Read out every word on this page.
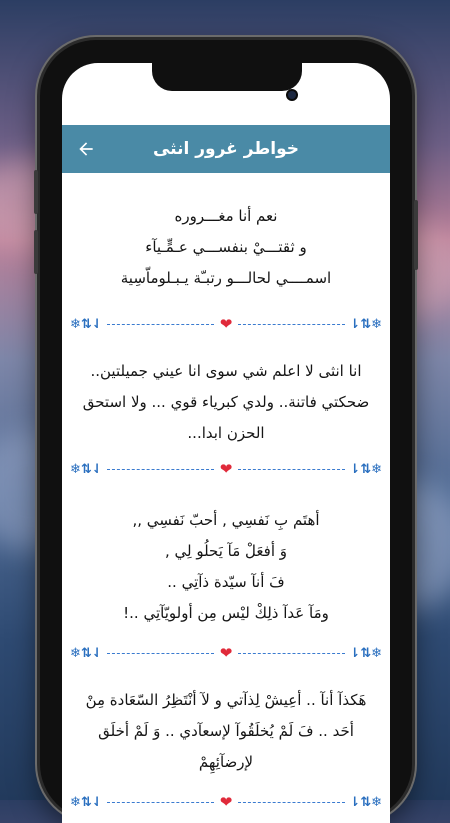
خواطر غرور انثى
نعم أنا مغـــروره
و ثقتـــيْ بنفســـي عـمٍّـيآء
اسمــــي لحالـــو رتبـّة يـبـلوماّسِية
❄⇅⇃	❤	⇂⇅❄
انا انثى لا اعلم شي سوى انا عيني جميلتين..
ضحكتي فاتنة.. ولدي كبرياء قوي ... ولا استحق
الحزن ابدا...
❄⇅⇃	❤	⇂⇅❄
أهتَم بِ نَفسِي , أحبّ نَفسِي ,,
وَ أفعَلْ مَآ يَحلُو لِي ,
فَ أنآ سيّدة ذآتِي ..
ومَآ عَدآ ذلِكْ ليْس مِن أولويّآتِي ..!
❄⇅⇃	❤	⇂⇅❄
هَكذآ أنآ .. أعِيشْ لِذآتي و لآ أنْتَظِرُ السّعَادة مِنْ
أحَد .. فَ لَمْ يُخلَقُوآ لإسعآدي .. وَ لَمْ أخلَق
لإرضآئِهِمْ
❄⇅⇃	❤	⇂⇅❄
